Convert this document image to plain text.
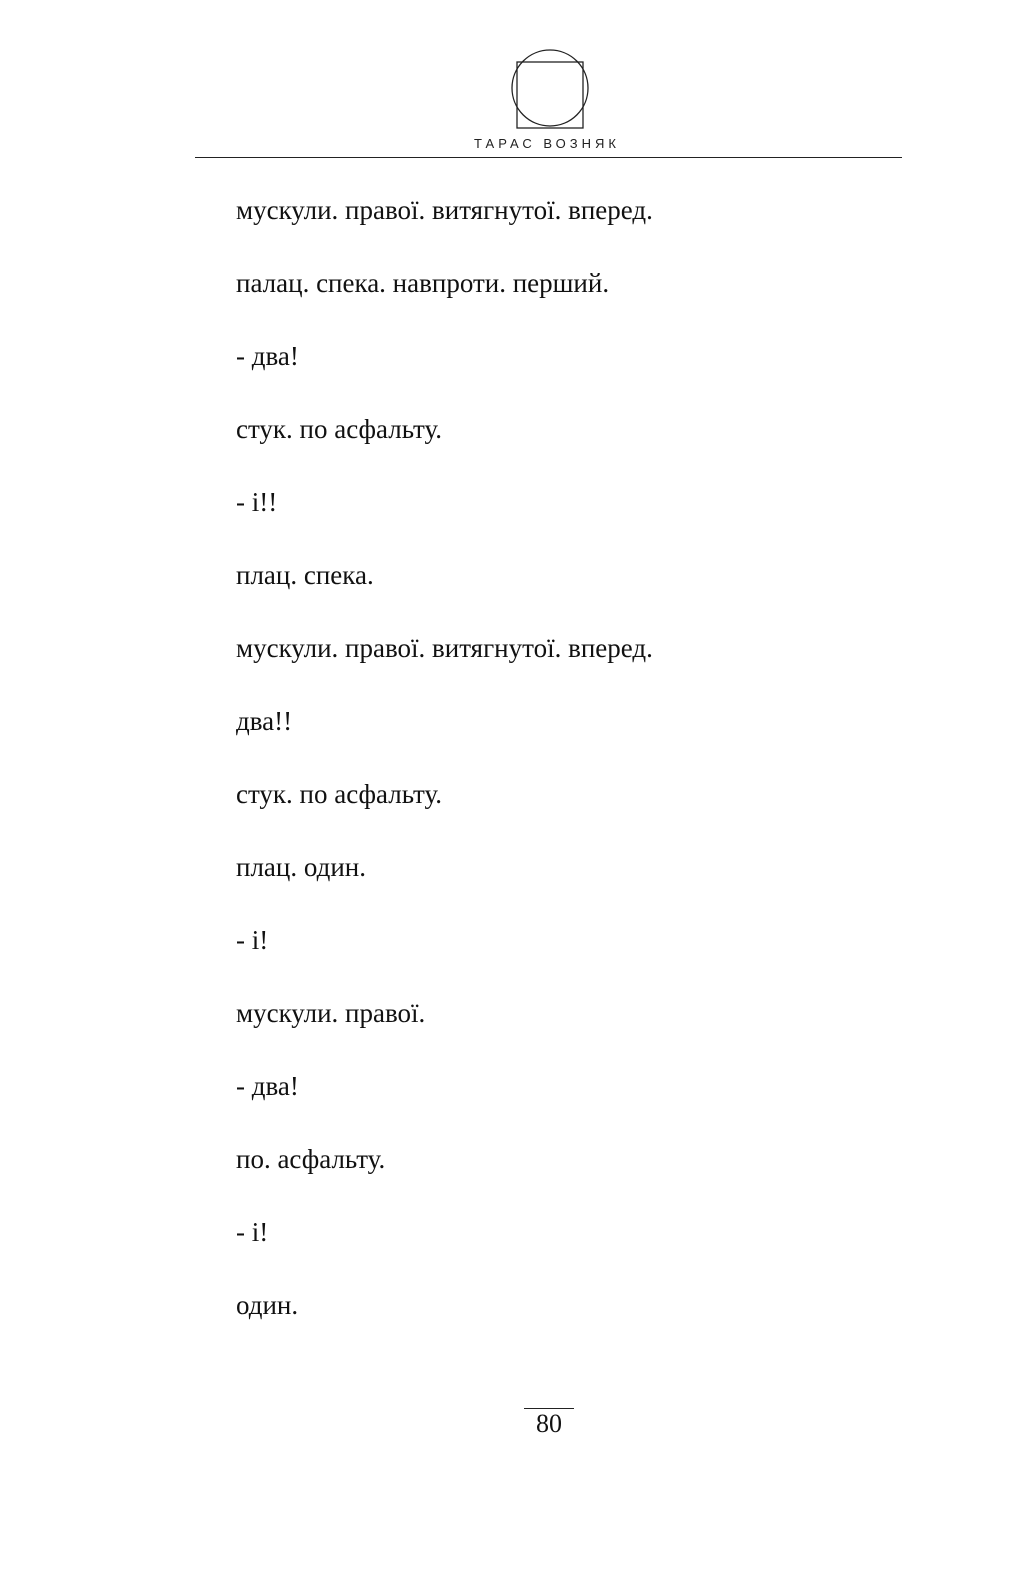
ТАРАС ВОЗНЯК
мускули. правої. витягнутої. вперед.
палац. спека. навпроти. перший.
- два!
стук. по асфальту.
- і!!
плац. спека.
мускули. правої. витягнутої. вперед.
два!!
стук. по асфальту.
плац. один.
- і!
мускули. правої.
- два!
по. асфальту.
- і!
один.
80
